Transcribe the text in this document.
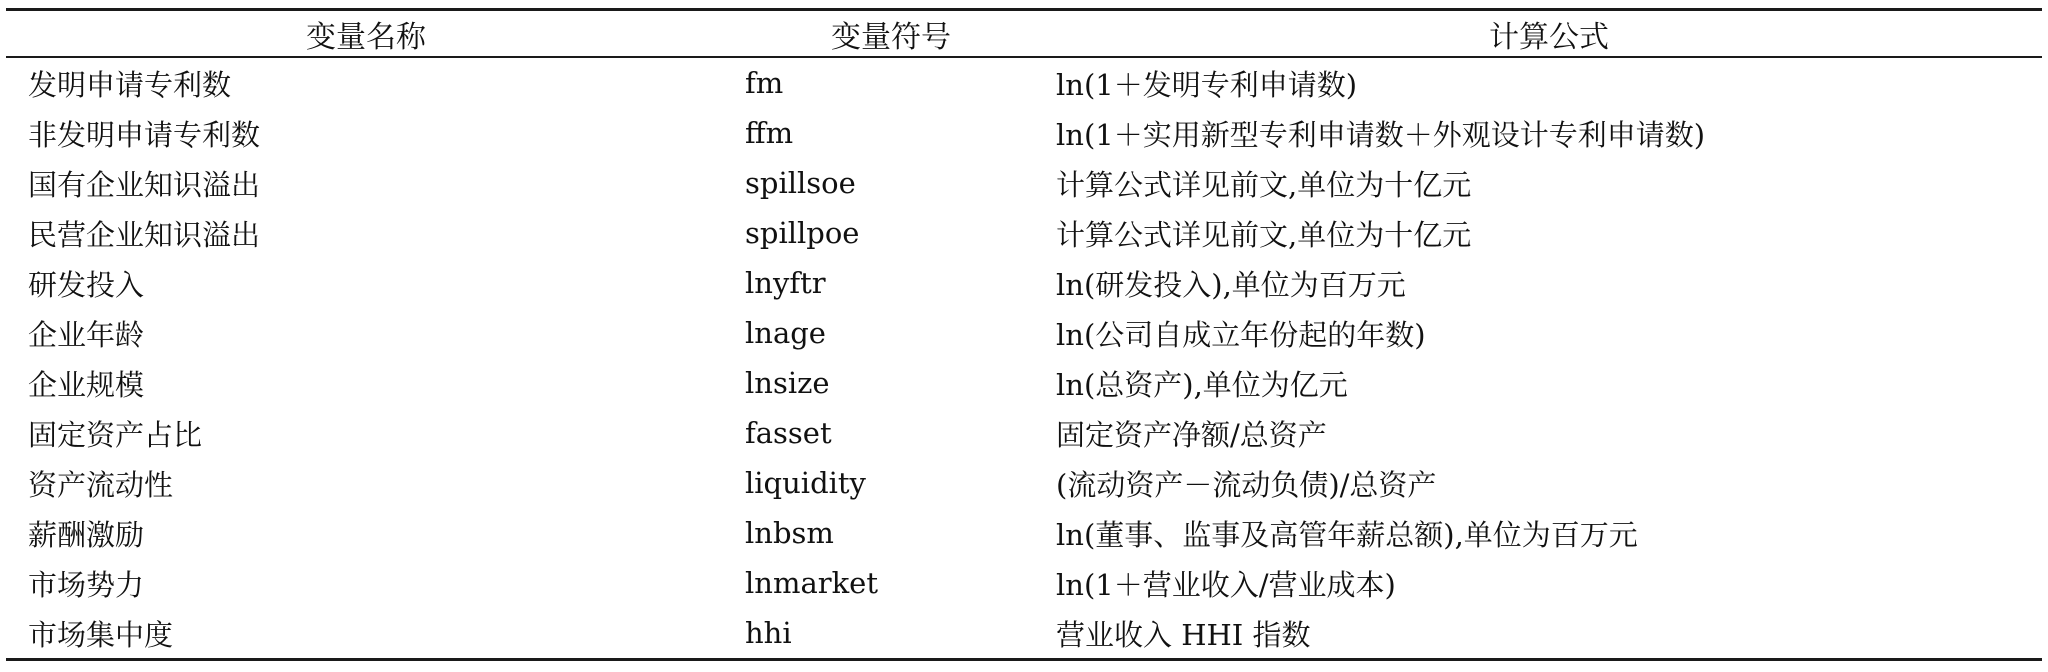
变量名称	变量符号	计算公式
发明申请专利数	fm	ln(1＋发明专利申请数)
非发明申请专利数	ffm	ln(1＋实用新型专利申请数＋外观设计专利申请数)
国有企业知识溢出	spillsoe	计算公式详见前文,单位为十亿元
民营企业知识溢出	spillpoe	计算公式详见前文,单位为十亿元
研发投入	lnyftr	ln(研发投入),单位为百万元
企业年龄	lnage	ln(公司自成立年份起的年数)
企业规模	lnsize	ln(总资产),单位为亿元
固定资产占比	fasset	固定资产净额/总资产
资产流动性	liquidity	(流动资产－流动负债)/总资产
薪酬激励	lnbsm	ln(董事、监事及高管年薪总额),单位为百万元
市场势力	lnmarket	ln(1＋营业收入/营业成本)
市场集中度	hhi	营业收入 HHI 指数
